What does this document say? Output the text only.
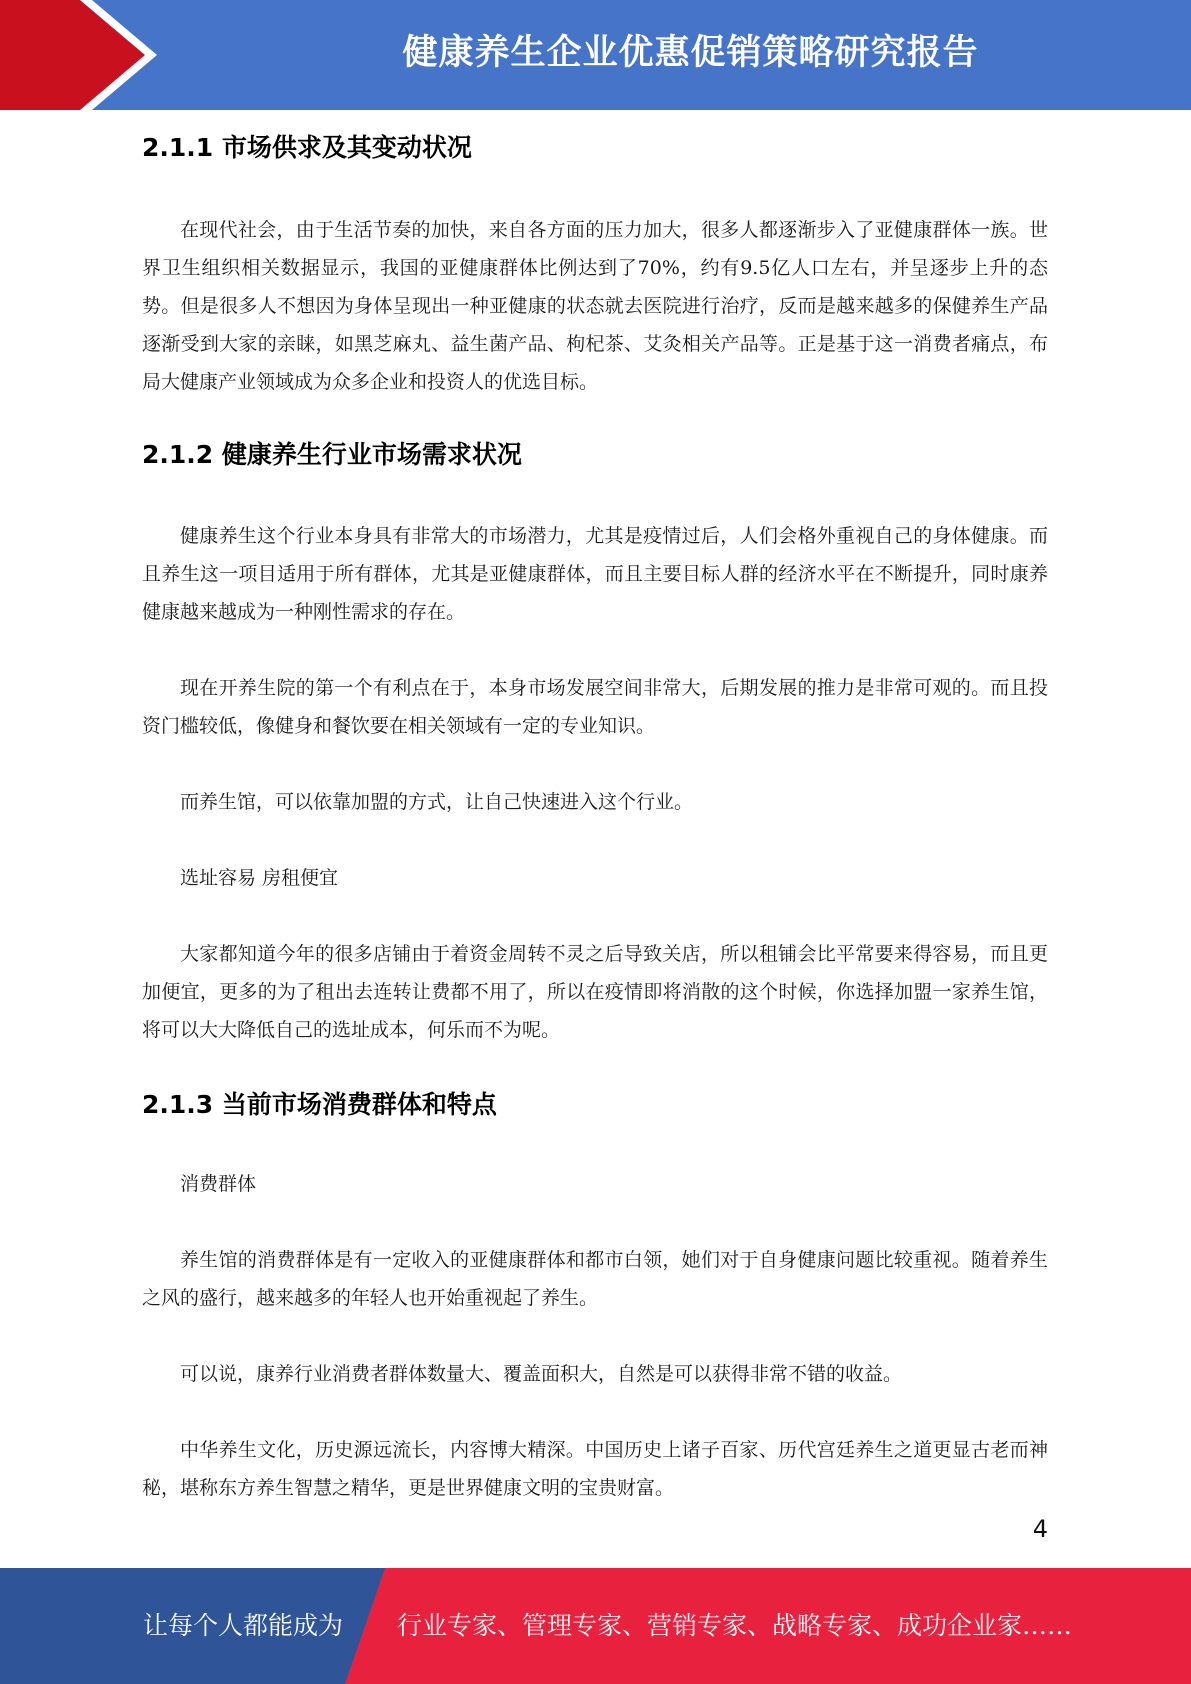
健康养生企业优惠促销策略研究报告
2.1.1 市场供求及其变动状况

在现代社会，由于生活节奏的加快，来自各方面的压力加大，很多人都逐渐步入了亚健康群体一族。世界卫生组织相关数据显示，我国的亚健康群体比例达到了70%，约有9.5亿人口左右，并呈逐步上升的态势。但是很多人不想因为身体呈现出一种亚健康的状态就去医院进行治疗，反而是越来越多的保健养生产品逐渐受到大家的亲睐，如黑芝麻丸、益生菌产品、枸杞茶、艾灸相关产品等。正是基于这一消费者痛点，布局大健康产业领域成为众多企业和投资人的优选目标。

2.1.2 健康养生行业市场需求状况

健康养生这个行业本身具有非常大的市场潜力，尤其是疫情过后，人们会格外重视自己的身体健康。而且养生这一项目适用于所有群体，尤其是亚健康群体，而且主要目标人群的经济水平在不断提升，同时康养健康越来越成为一种刚性需求的存在。

现在开养生院的第一个有利点在于，本身市场发展空间非常大，后期发展的推力是非常可观的。而且投资门槛较低，像健身和餐饮要在相关领域有一定的专业知识。

而养生馆，可以依靠加盟的方式，让自己快速进入这个行业。

选址容易 房租便宜

大家都知道今年的很多店铺由于着资金周转不灵之后导致关店，所以租铺会比平常要来得容易，而且更加便宜，更多的为了租出去连转让费都不用了，所以在疫情即将消散的这个时候，你选择加盟一家养生馆，将可以大大降低自己的选址成本，何乐而不为呢。

2.1.3 当前市场消费群体和特点

消费群体

养生馆的消费群体是有一定收入的亚健康群体和都市白领，她们对于自身健康问题比较重视。随着养生之风的盛行，越来越多的年轻人也开始重视起了养生。

可以说，康养行业消费者群体数量大、覆盖面积大，自然是可以获得非常不错的收益。

中华养生文化，历史源远流长，内容博大精深。中国历史上诸子百家、历代宫廷养生之道更显古老而神秘，堪称东方养生智慧之精华，更是世界健康文明的宝贵财富。

4
让每个人都能成为 行业专家、管理专家、营销专家、战略专家、成功企业家……
